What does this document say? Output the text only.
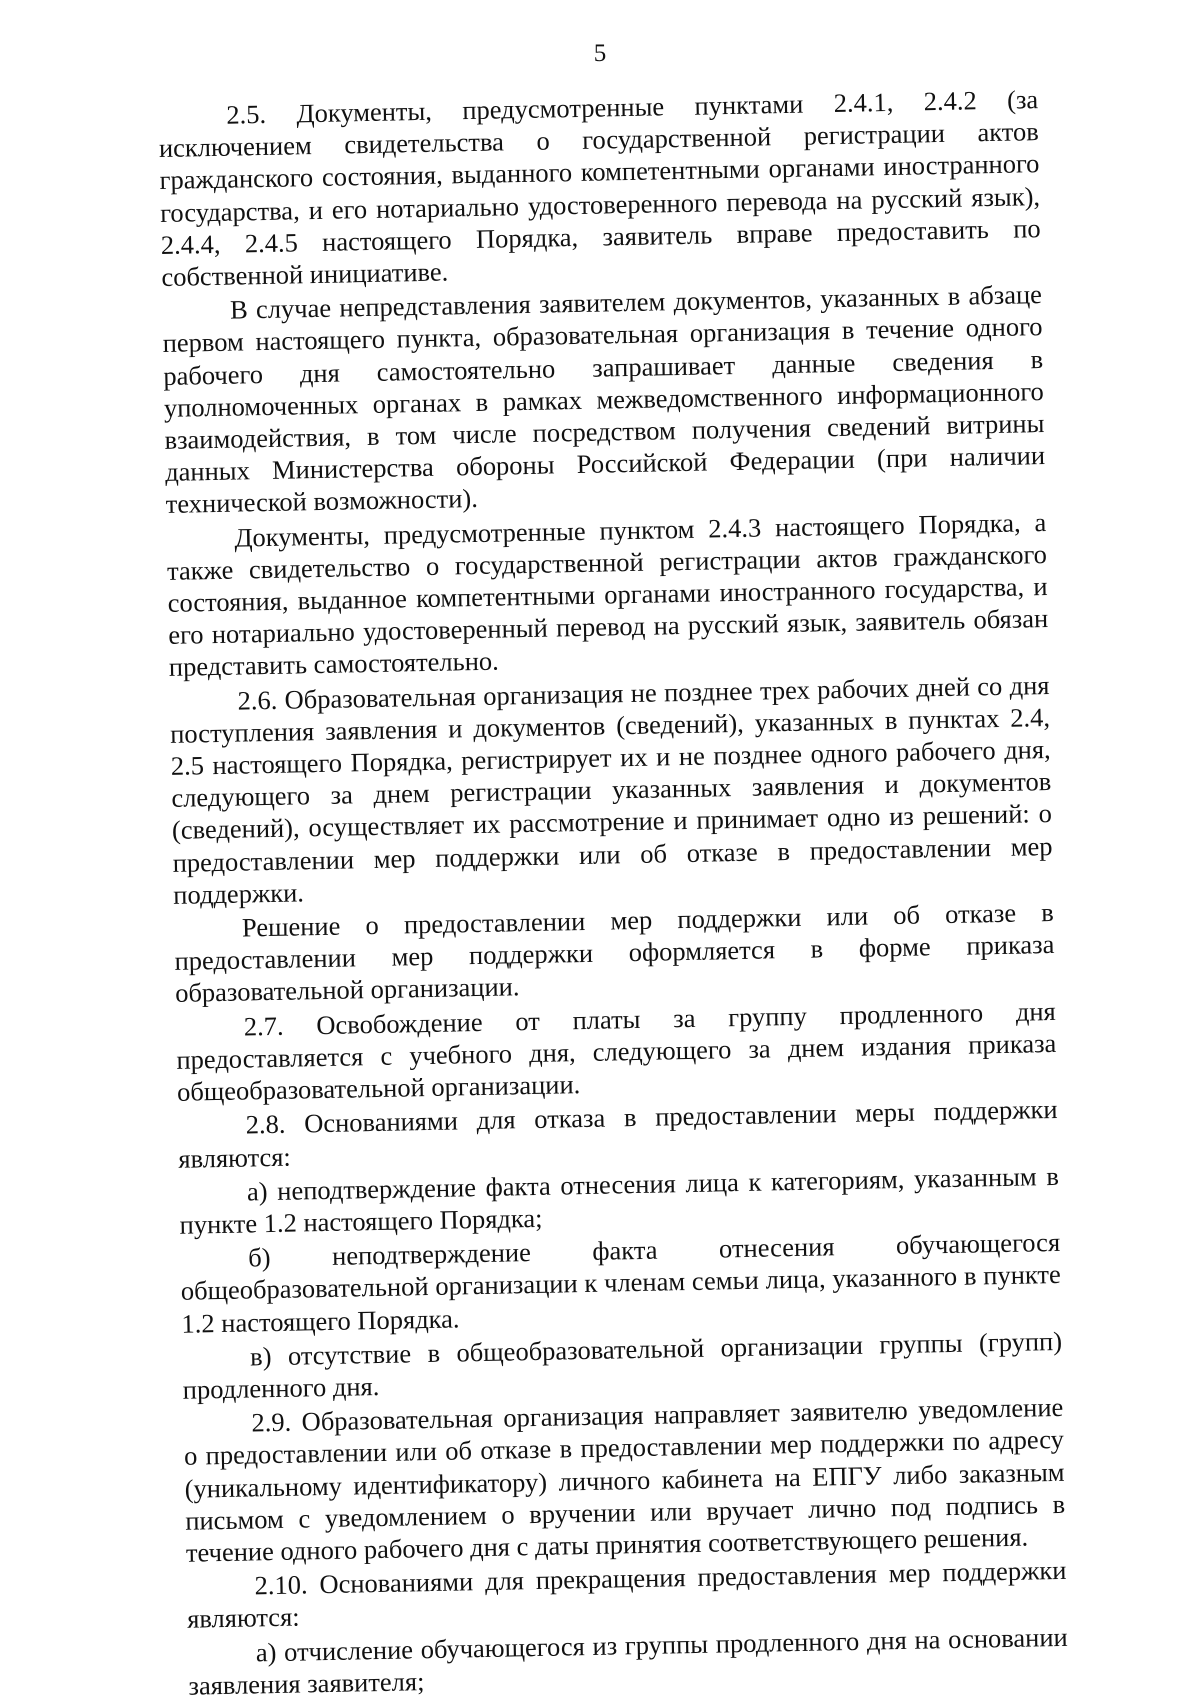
5

2.5. Документы, предусмотренные пунктами 2.4.1, 2.4.2 (за исключением свидетельства о государственной регистрации актов гражданского состояния, выданного компетентными органами иностранного государства, и его нотариально удостоверенного перевода на русский язык), 2.4.4, 2.4.5 настоящего Порядка, заявитель вправе предоставить по собственной инициативе.

В случае непредставления заявителем документов, указанных в абзаце первом настоящего пункта, образовательная организация в течение одного рабочего дня самостоятельно запрашивает данные сведения в уполномоченных органах в рамках межведомственного информационного взаимодействия, в том числе посредством получения сведений витрины данных Министерства обороны Российской Федерации (при наличии технической возможности).

Документы, предусмотренные пунктом 2.4.3 настоящего Порядка, а также свидетельство о государственной регистрации актов гражданского состояния, выданное компетентными органами иностранного государства, и его нотариально удостоверенный перевод на русский язык, заявитель обязан представить самостоятельно.

2.6. Образовательная организация не позднее трех рабочих дней со дня поступления заявления и документов (сведений), указанных в пунктах 2.4, 2.5 настоящего Порядка, регистрирует их и не позднее одного рабочего дня, следующего за днем регистрации указанных заявления и документов (сведений), осуществляет их рассмотрение и принимает одно из решений: о предоставлении мер поддержки или об отказе в предоставлении мер поддержки.

Решение о предоставлении мер поддержки или об отказе в предоставлении мер поддержки оформляется в форме приказа образовательной организации.

2.7. Освобождение от платы за группу продленного дня предоставляется с учебного дня, следующего за днем издания приказа общеобразовательной организации.

2.8. Основаниями для отказа в предоставлении меры поддержки являются:

а) неподтверждение факта отнесения лица к категориям, указанным в пункте 1.2 настоящего Порядка;

б) неподтверждение факта отнесения обучающегося общеобразовательной организации к членам семьи лица, указанного в пункте 1.2 настоящего Порядка.

в) отсутствие в общеобразовательной организации группы (групп) продленного дня.

2.9. Образовательная организация направляет заявителю уведомление о предоставлении или об отказе в предоставлении мер поддержки по адресу (уникальному идентификатору) личного кабинета на ЕПГУ либо заказным письмом с уведомлением о вручении или вручает лично под подпись в течение одного рабочего дня с даты принятия соответствующего решения.

2.10. Основаниями для прекращения предоставления мер поддержки являются:

а) отчисление обучающегося из группы продленного дня на основании заявления заявителя;
